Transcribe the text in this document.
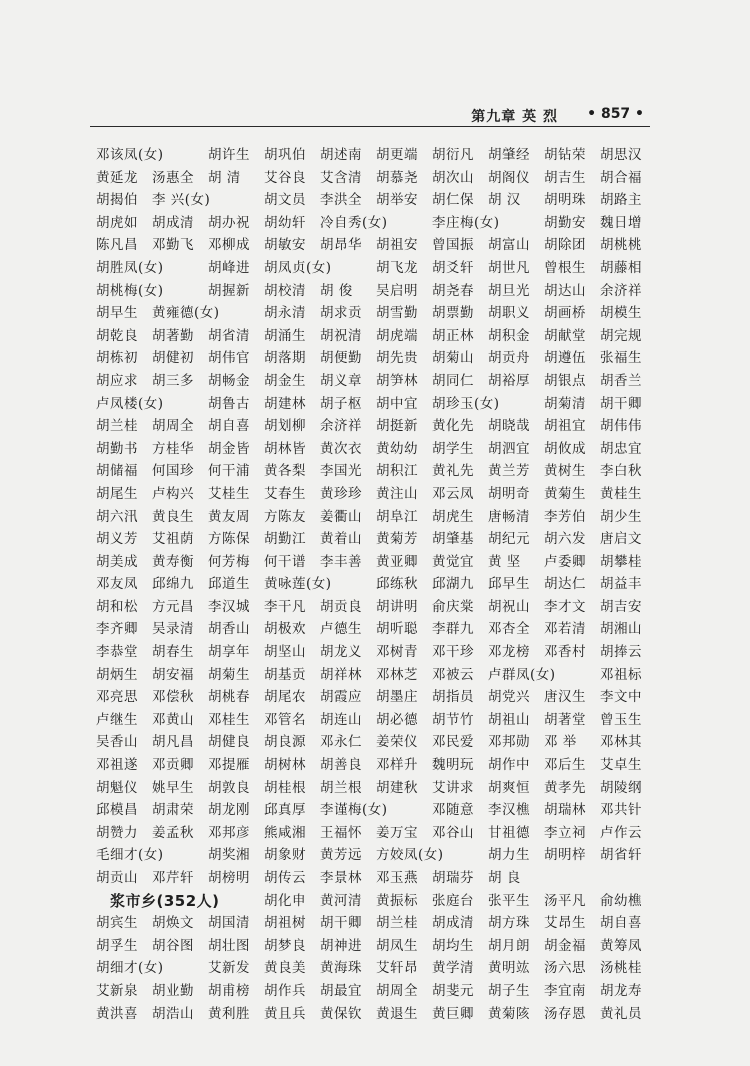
第九章 英 烈 • 857 •
邓该凤(女)	胡许生 胡巩伯 胡述南 胡更端 胡衍凡 胡肇经 胡钻荣 胡思汉
黄延龙 汤惠全 胡 清 艾谷良 艾含清 胡慕尧 胡次山 胡阁仪 胡吉生 胡合福
胡揭伯 李 兴(女)	胡文员 李洪全 胡举安 胡仁保 胡 汉 胡明珠 胡路主
胡虎如 胡成清 胡办祝 胡幼轩 冷自秀(女)	李庄梅(女)	胡勤安 魏日增
陈凡昌 邓勤飞 邓柳成 胡敏安 胡昂华 胡祖安 曾国振 胡富山 胡除团 胡桃桃
胡胜凤(女)	胡峰进 胡凤贞(女)	胡飞龙 胡爻轩 胡世凡 曾根生 胡藤相
胡桃梅(女)	胡握新 胡校清 胡 俊 吴启明 胡尧春 胡旦光 胡达山 余济祥
胡早生 黄雍德(女)	胡永清 胡求贡 胡雪勤 胡票勤 胡职义 胡画桥 胡模生
胡乾良 胡著勤 胡省清 胡涌生 胡祝清 胡虎端 胡正林 胡积金 胡献堂 胡完规
胡栋初 胡健初 胡伟官 胡落期 胡便勤 胡先贵 胡菊山 胡贡舟 胡遵伍 张福生
胡应求 胡三多 胡畅金 胡金生 胡义章 胡笋林 胡同仁 胡裕厚 胡银点 胡香兰
卢凤楼(女)	胡鲁古 胡建林 胡子枢 胡中宜 胡珍玉(女)	胡菊清 胡干卿
胡兰桂 胡周全 胡自喜 胡划柳 余济祥 胡挺新 黄化先 胡晓哉 胡祖宜 胡伟伟
胡勤书 方桂华 胡金皆 胡林皆 黄次衣 黄幼幼 胡学生 胡泗宜 胡攸成 胡忠宜
胡储福 何国珍 何干浦 黄各梨 李国光 胡积江 黄礼先 黄兰芳 黄树生 李白秋
胡尾生 卢构兴 艾桂生 艾春生 黄珍珍 黄注山 邓云凤 胡明奇 黄菊生 黄桂生
胡六汛 黄良生 黄友周 方陈友 姜衢山 胡阜江 胡虎生 唐畅清 李芳伯 胡少生
胡义芳 艾祖荫 方陈保 胡勤江 黄着山 黄菊芳 胡肇基 胡纪元 胡六发 唐启文
胡美成 黄寿衡 何芳梅 何干谱 李丰善 黄亚卿 黄觉宜 黄 坚 卢委卿 胡攀桂
邓友凤 邱绵九 邱道生 黄咏莲(女)	邱练秋 邱湖九 邱早生 胡达仁 胡益丰
胡和松 方元昌 李汉城 李干凡 胡贡良 胡讲明 俞庆棠 胡祝山 李才文 胡吉安
李齐卿 吴录清 胡香山 胡极欢 卢德生 胡听聪 李群九 邓杏全 邓若清 胡湘山
李恭堂 胡春生 胡享年 胡坚山 胡龙义 邓树青 邓干珍 邓龙榜 邓香村 胡捧云
胡炳生 胡安福 胡菊生 胡基贡 胡祥林 邓林芝 邓被云 卢群凤(女)	邓祖标
邓亮思 邓偿秋 胡桃春 胡尾农 胡霞应 胡墨庄 胡指员 胡党兴 唐汉生 李文中
卢继生 邓黄山 邓桂生 邓管名 胡连山 胡必德 胡节竹 胡祖山 胡著堂 曾玉生
吴香山 胡凡昌 胡健良 胡良源 邓永仁 姜荣仪 邓民爱 邓邦勋 邓 举 邓林其
邓祖遂 邓贡卿 邓提雁 胡树林 胡善良 邓样升 魏明玩 胡作中 邓后生 艾卓生
胡魁仪 姚早生 胡敦良 胡桂根 胡兰根 胡建秋 艾讲求 胡爽恒 黄孝先 胡陵纲
邱模昌 胡肃荣 胡龙刚 邱真厚 李谨梅(女)	邓随意 李汉樵 胡瑞林 邓共针
胡赞力 姜孟秋 邓邦彦 熊咸湘 王福怀 姜万宝 邓谷山 甘祖德 李立祠 卢作云
毛细才(女)	胡奖湘 胡象财 黄芳远 方姣凤(女)	胡力生 胡明梓 胡省轩
胡贡山 邓芹轩 胡榜明 胡传云 李景林 邓玉燕 胡瑞芬 胡 良
浆市乡(352人)	胡化申 黄河清 黄振标 张庭台 张平生 汤平凡 俞幼樵
胡宾生 胡焕文 胡国清 胡祖树 胡干卿 胡兰桂 胡成清 胡方珠 艾昂生 胡自喜
胡孚生 胡谷图 胡壮图 胡梦良 胡神进 胡凤生 胡均生 胡月朗 胡金福 黄筹凤
胡细才(女)	艾新发 黄良美 黄海珠 艾轩昂 黄学清 黄明竑 汤六思 汤桃桂
艾新泉 胡业勤 胡甫榜 胡作兵 胡最宜 胡周全 胡斐元 胡子生 李宜南 胡龙寿
黄洪喜 胡浩山 黄利胜 黄且兵 黄保钦 黄退生 黄巨卿 黄菊陔 汤存恩 黄礼员
